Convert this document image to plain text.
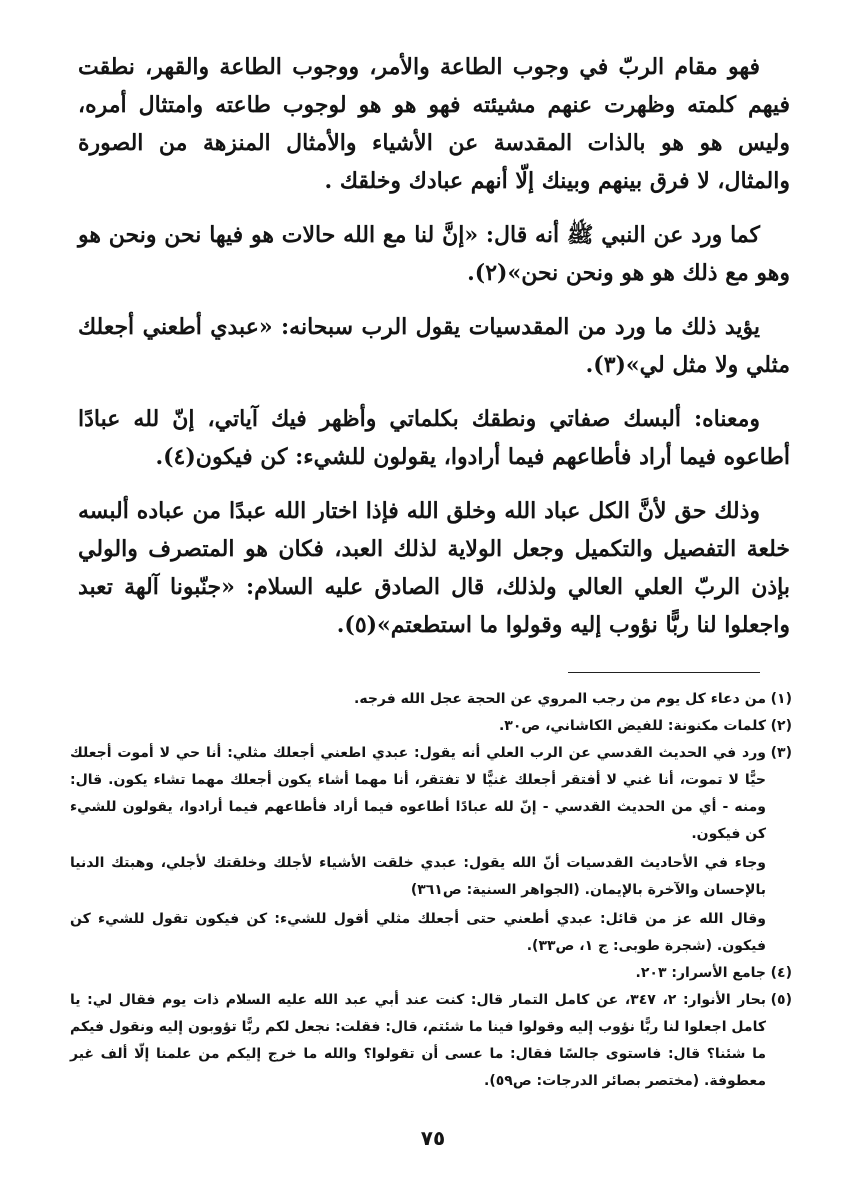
فهو مقام الربّ في وجوب الطاعة والأمر، ووجوب الطاعة والقهر، نطقت فيهم كلمته وظهرت عنهم مشيئته فهو هو هو لوجوب طاعته وامتثال أمره، وليس هو هو بالذات المقدسة عن الأشياء والأمثال المنزهة من الصورة والمثال، لا فرق بينهم وبينك إلّا أنهم عبادك وخلقك .

كما ورد عن النبي ﷺ أنه قال: «إنَّ لنا مع الله حالات هو فيها نحن ونحن هو وهو مع ذلك هو هو ونحن نحن»(٢).

يؤيد ذلك ما ورد من المقدسيات يقول الرب سبحانه: «عبدي أطعني أجعلك مثلي ولا مثل لي»(٣).

ومعناه: ألبسك صفاتي ونطقك بكلماتي وأظهر فيك آياتي، إنّ لله عبادًا أطاعوه فيما أراد فأطاعهم فيما أرادوا، يقولون للشيء: كن فيكون(٤).

وذلك حق لأنَّ الكل عباد الله وخلق الله فإذا اختار الله عبدًا من عباده ألبسه خلعة التفصيل والتكميل وجعل الولاية لذلك العبد، فكان هو المتصرف والولي بإذن الربّ العلي العالي ولذلك، قال الصادق عليه السلام: «جنّبونا آلهة تعبد واجعلوا لنا ربًّا نؤوب إليه وقولوا ما استطعتم»(٥).

(١)

من دعاء كل يوم من رجب المروي عن الحجة عجل الله فرجه.

(٢)

كلمات مكنونة: للفيض الكاشاني، ص٣٠.

(٣)

ورد في الحديث القدسي عن الرب العلي أنه يقول: عبدي اطعني أجعلك مثلي: أنا حي لا أموت أجعلك حيًّا لا تموت، أنا غني لا أفتقر أجعلك غنيًّا لا تفتقر، أنا مهما أشاء يكون أجعلك مهما تشاء يكون. قال: ومنه - أي من الحديث القدسي - إنّ لله عبادًا أطاعوه فيما أراد فأطاعهم فيما أرادوا، يقولون للشيء كن فيكون.

وجاء في الأحاديث القدسيات أنّ الله يقول: عبدي خلقت الأشياء لأجلك وخلقتك لأجلي، وهبتك الدنيا بالإحسان والآخرة بالإيمان. (الجواهر السنية: ص٣٦١)

وقال الله عز من قائل: عبدي أطعني حتى أجعلك مثلي أقول للشيء: كن فيكون تقول للشيء كن فيكون. (شجرة طوبى: ج ١، ص٣٣).

(٤)

جامع الأسرار: ٢٠٣.

(٥)

بحار الأنوار: ٢، ٣٤٧، عن كامل التمار قال: كنت عند أبي عبد الله عليه السلام ذات يوم فقال لي: يا كامل اجعلوا لنا ربًّا نؤوب إليه وقولوا فينا ما شئتم، قال: فقلت: نجعل لكم ربًّا تؤوبون إليه ونقول فيكم ما شئنا؟ قال: فاستوى جالسًا فقال: ما عسى أن تقولوا؟ والله ما خرج إليكم من علمنا إلّا ألف غير معطوفة. (مختصر بصائر الدرجات: ص٥٩).

٧٥
